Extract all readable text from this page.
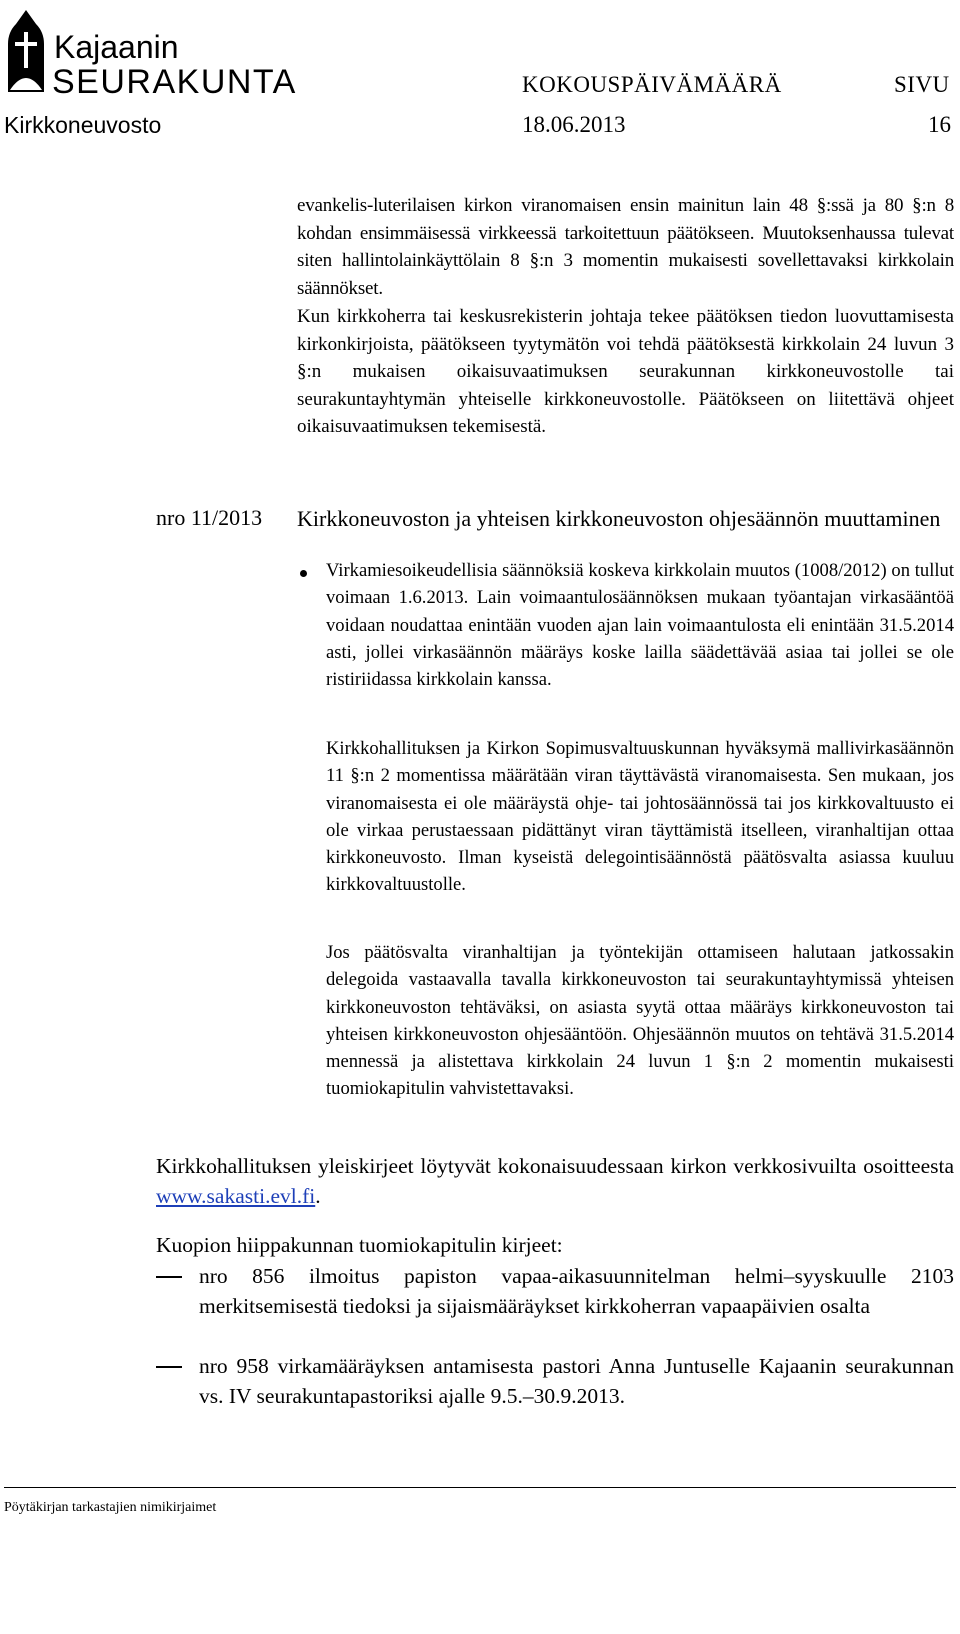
Kajaanin
SEURAKUNTA	KOKOUSPÄIVÄMÄÄRÄ	SIVU
Kirkkoneuvosto	18.06.2013	16

evankelis-luterilaisen kirkon viranomaisen ensin mainitun lain 48 §:ssä ja 80 §:n 8 kohdan ensimmäisessä virkkeessä tarkoitettuun päätökseen. Muutoksenhaussa tulevat siten hallintolainkäyttölain 8 §:n 3 momentin mukaisesti sovellettavaksi kirkkolain säännökset.

Kun kirkkoherra tai keskusrekisterin johtaja tekee päätöksen tiedon luovuttamisesta kirkonkirjoista, päätökseen tyytymätön voi tehdä päätöksestä kirkkolain 24 luvun 3 §:n mukaisen oikaisuvaatimuksen seurakunnan kirkkoneuvostolle tai seurakuntayhtymän yhteiselle kirkkoneuvostolle. Päätökseen on liitettävä ohjeet oikaisuvaatimuksen tekemisestä.

nro 11/2013 Kirkkoneuvoston ja yhteisen kirkkoneuvoston ohjesäännön muuttaminen

Virkamiesoikeudellisia säännöksiä koskeva kirkkolain muutos (1008/2012) on tullut voimaan 1.6.2013. Lain voimaantulosäännöksen mukaan työantajan virkasääntöä voidaan noudattaa enintään vuoden ajan lain voimaantulosta eli enintään 31.5.2014 asti, jollei virkasäännön määräys koske lailla säädettävää asiaa tai jollei se ole ristiriidassa kirkkolain kanssa.

Kirkkohallituksen ja Kirkon Sopimusvaltuuskunnan hyväksymä mallivirkasäännön 11 §:n 2 momentissa määrätään viran täyttävästä viranomaisesta. Sen mukaan, jos viranomaisesta ei ole määräystä ohje- tai johtosäännössä tai jos kirkkovaltuusto ei ole virkaa perustaessaan pidättänyt viran täyttämistä itselleen, viranhaltijan ottaa kirkkoneuvosto. Ilman kyseistä delegointisäännöstä päätösvalta asiassa kuuluu kirkkovaltuustolle.

Jos päätösvalta viranhaltijan ja työntekijän ottamiseen halutaan jatkossakin delegoida vastaavalla tavalla kirkkoneuvoston tai seurakuntayhtymissä yhteisen kirkkoneuvoston tehtäväksi, on asiasta syytä ottaa määräys kirkkoneuvoston tai yhteisen kirkkoneuvoston ohjesääntöön. Ohjesäännön muutos on tehtävä 31.5.2014 mennessä ja alistettava kirkkolain 24 luvun 1 §:n 2 momentin mukaisesti tuomiokapitulin vahvistettavaksi.

Kirkkohallituksen yleiskirjeet löytyvät kokonaisuudessaan kirkon verkkosivuilta osoitteesta www.sakasti.evl.fi.

Kuopion hiippakunnan tuomiokapitulin kirjeet:

nro 856 ilmoitus papiston vapaa-aikasuunnitelman helmi–syyskuulle 2103 merkitsemisestä tiedoksi ja sijaismääräykset kirkkoherran vapaapäivien osalta

nro 958 virkamääräyksen antamisesta pastori Anna Juntuselle Kajaanin seurakunnan vs. IV seurakuntapastoriksi ajalle 9.5.–30.9.2013.

Pöytäkirjan tarkastajien nimikirjaimet
